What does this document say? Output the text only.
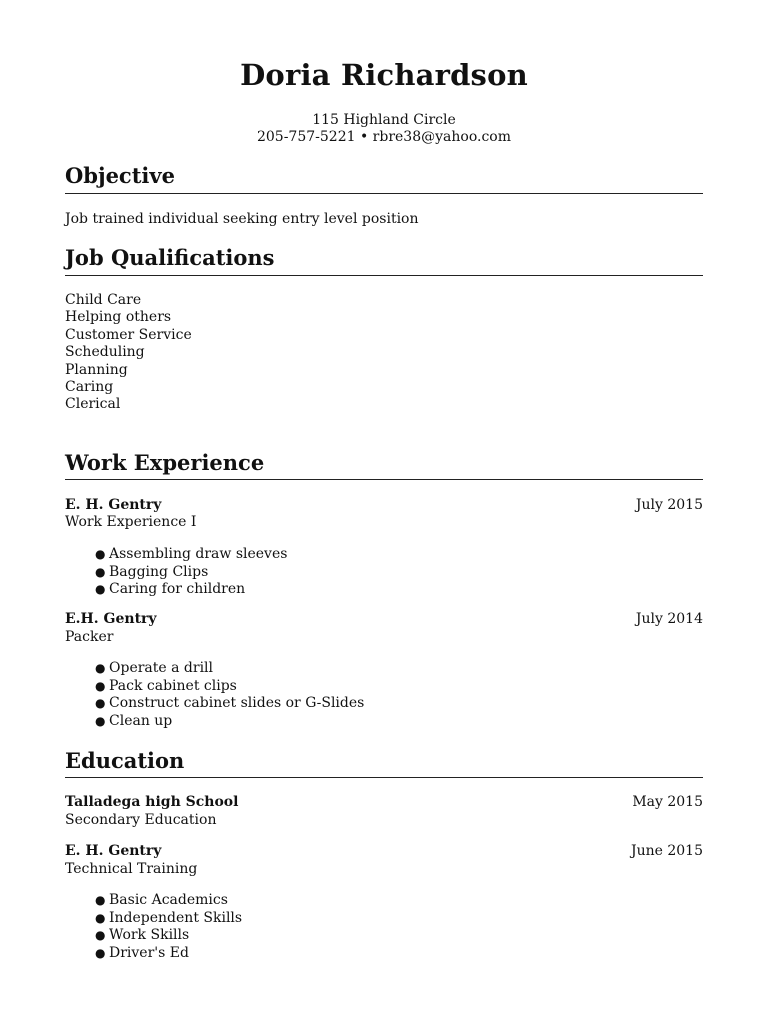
Doria Richardson
115 Highland Circle
205-757-5221 • rbre38@yahoo.com
Objective
Job trained individual seeking entry level position
Job Qualifications
Child Care
Helping others
Customer Service
Scheduling
Planning
Caring
Clerical
Work Experience
E. H. Gentry	July 2015
Work Experience I
● Assembling draw sleeves
● Bagging Clips
● Caring for children
E.H. Gentry	July 2014
Packer
● Operate a drill
● Pack cabinet clips
● Construct cabinet slides or G-Slides
● Clean up
Education
Talladega high School	May 2015
Secondary Education
E. H. Gentry	June 2015
Technical Training
● Basic Academics
● Independent Skills
● Work Skills
● Driver's Ed
